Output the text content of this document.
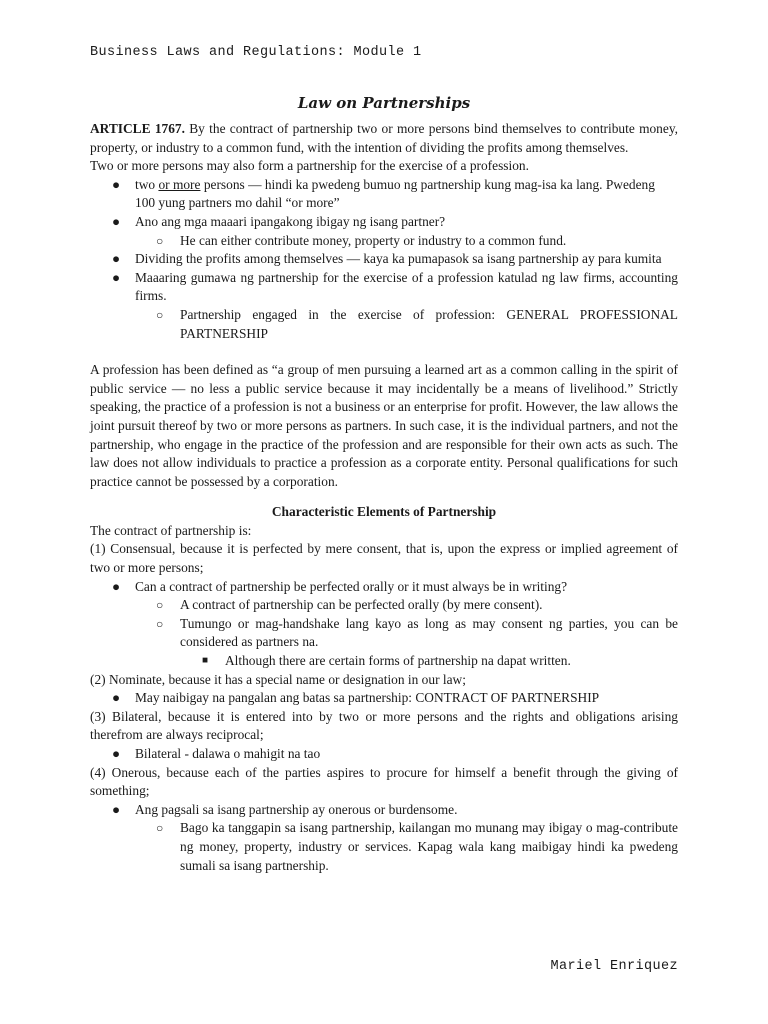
Business Laws and Regulations: Module 1
Law on Partnerships

ARTICLE 1767. By the contract of partnership two or more persons bind themselves to contribute money, property, or industry to a common fund, with the intention of dividing the profits among themselves.

Two or more persons may also form a partnership for the exercise of a profession.

● two or more persons — hindi ka pwedeng bumuo ng partnership kung mag-isa ka lang. Pwedeng 100 yung partners mo dahil “or more”
● Ano ang mga maaari ipangakong ibigay ng isang partner?
○ He can either contribute money, property or industry to a common fund.
● Dividing the profits among themselves — kaya ka pumapasok sa isang partnership ay para kumita
● Maaaring gumawa ng partnership for the exercise of a profession katulad ng law firms, accounting firms.
○ Partnership engaged in the exercise of profession: GENERAL PROFESSIONAL PARTNERSHIP

A profession has been defined as “a group of men pursuing a learned art as a common calling in the spirit of public service — no less a public service because it may incidentally be a means of livelihood.” Strictly speaking, the practice of a profession is not a business or an enterprise for profit. However, the law allows the joint pursuit thereof by two or more persons as partners. In such case, it is the individual partners, and not the partnership, who engage in the practice of the profession and are responsible for their own acts as such. The law does not allow individuals to practice a profession as a corporate entity. Personal qualifications for such practice cannot be possessed by a corporation.

Characteristic Elements of Partnership

The contract of partnership is:

(1) Consensual, because it is perfected by mere consent, that is, upon the express or implied agreement of two or more persons;

● Can a contract of partnership be perfected orally or it must always be in writing?
○ A contract of partnership can be perfected orally (by mere consent).
○ Tumungo or mag-handshake lang kayo as long as may consent ng parties, you can be considered as partners na.
■ Although there are certain forms of partnership na dapat written.

(2) Nominate, because it has a special name or designation in our law;

● May naibigay na pangalan ang batas sa partnership: CONTRACT OF PARTNERSHIP

(3) Bilateral, because it is entered into by two or more persons and the rights and obligations arising therefrom are always reciprocal;

● Bilateral - dalawa o mahigit na tao

(4) Onerous, because each of the parties aspires to procure for himself a benefit through the giving of something;

● Ang pagsali sa isang partnership ay onerous or burdensome.
○ Bago ka tanggapin sa isang partnership, kailangan mo munang may ibigay o mag-contribute ng money, property, industry or services. Kapag wala kang maibigay hindi ka pwedeng sumali sa isang partnership.
Mariel Enriquez
